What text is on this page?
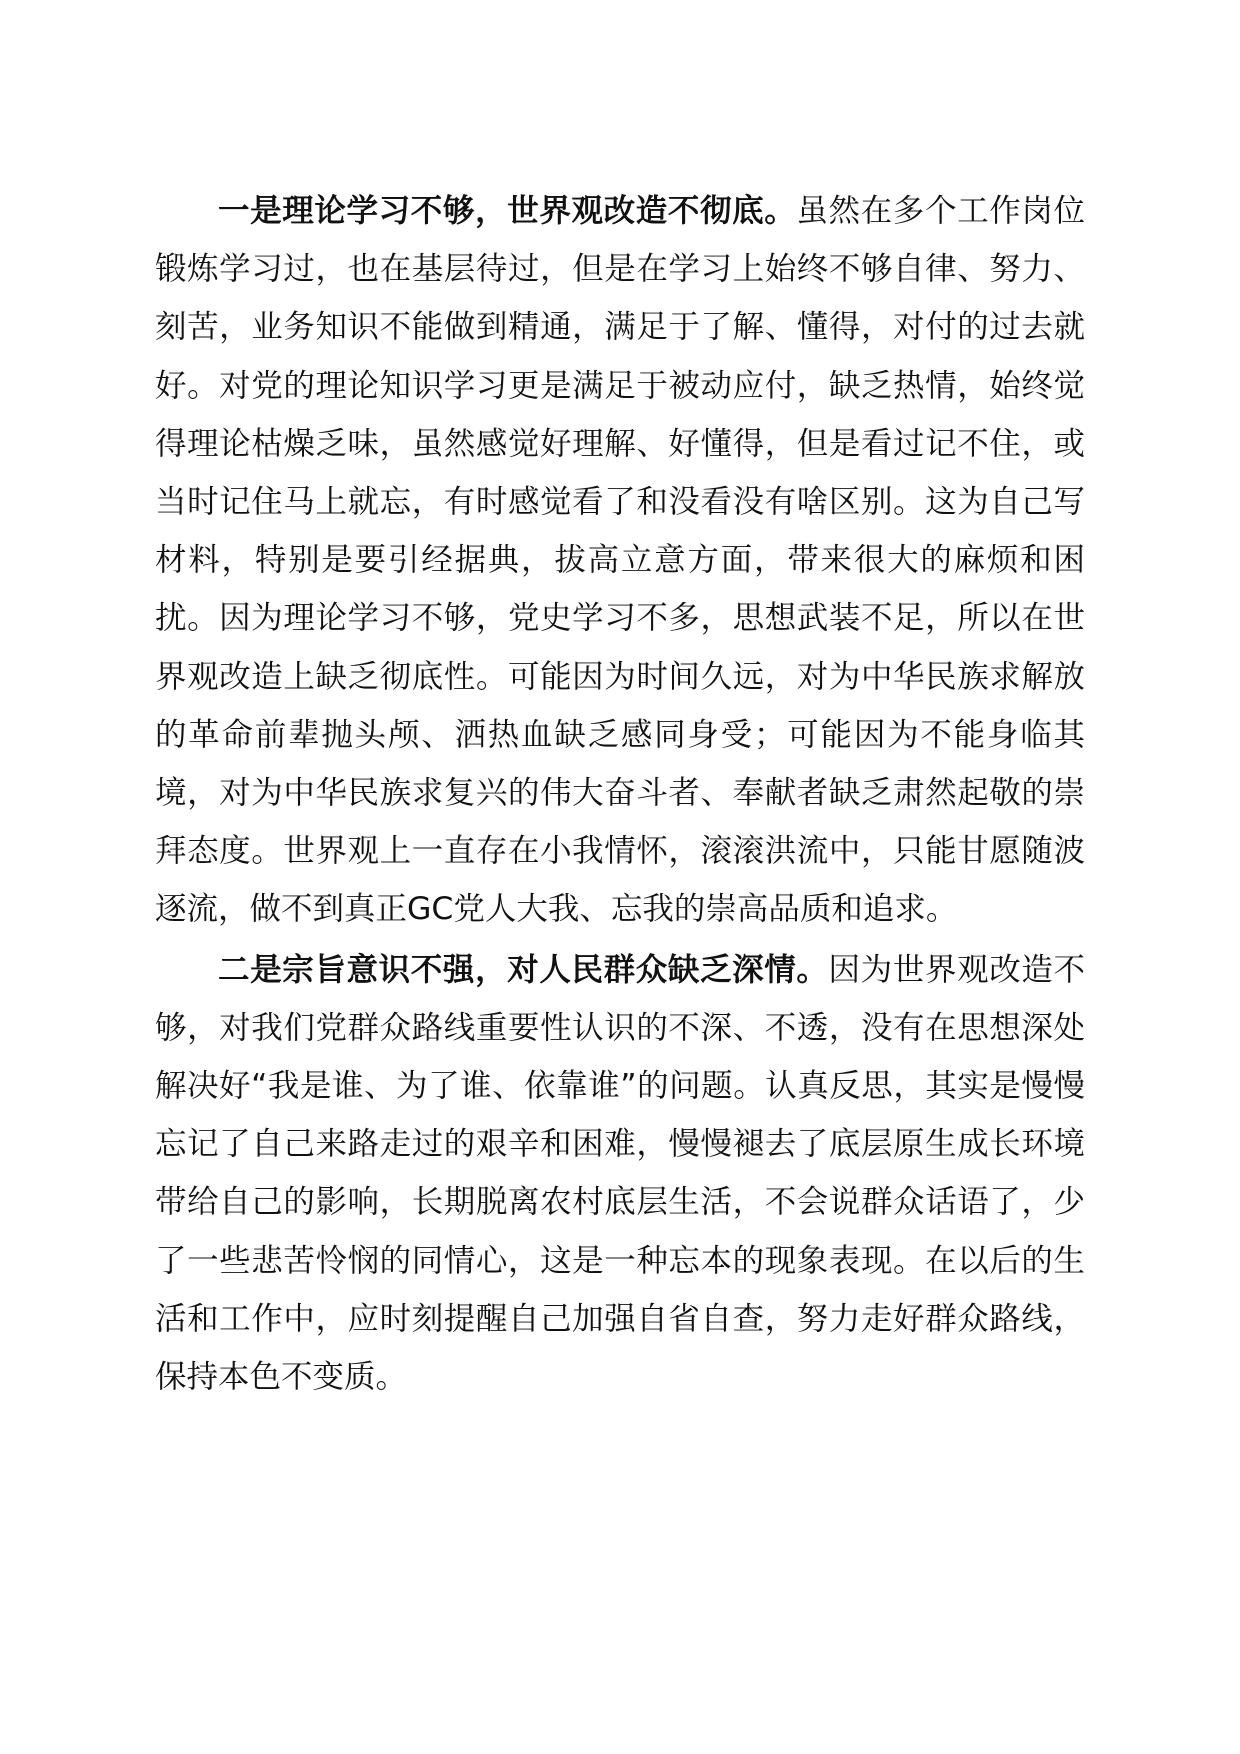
一是理论学习不够，世界观改造不彻底。虽然在多个工作岗位锻炼学习过，也在基层待过，但是在学习上始终不够自律、努力、刻苦，业务知识不能做到精通，满足于了解、懂得，对付的过去就好。对党的理论知识学习更是满足于被动应付，缺乏热情，始终觉得理论枯燥乏味，虽然感觉好理解、好懂得，但是看过记不住，或当时记住马上就忘，有时感觉看了和没看没有啥区别。这为自己写材料，特别是要引经据典，拔高立意方面，带来很大的麻烦和困扰。因为理论学习不够，党史学习不多，思想武装不足，所以在世界观改造上缺乏彻底性。可能因为时间久远，对为中华民族求解放的革命前辈抛头颅、洒热血缺乏感同身受；可能因为不能身临其境，对为中华民族求复兴的伟大奋斗者、奉献者缺乏肃然起敬的崇拜态度。世界观上一直存在小我情怀，滚滚洪流中，只能甘愿随波逐流，做不到真正GC党人大我、忘我的崇高品质和追求。

二是宗旨意识不强，对人民群众缺乏深情。因为世界观改造不够，对我们党群众路线重要性认识的不深、不透，没有在思想深处解决好“我是谁、为了谁、依靠谁”的问题。认真反思，其实是慢慢忘记了自己来路走过的艰辛和困难，慢慢褪去了底层原生成长环境带给自己的影响，长期脱离农村底层生活，不会说群众话语了，少了一些悲苦怜悯的同情心，这是一种忘本的现象表现。在以后的生活和工作中，应时刻提醒自己加强自省自查，努力走好群众路线，保持本色不变质。
